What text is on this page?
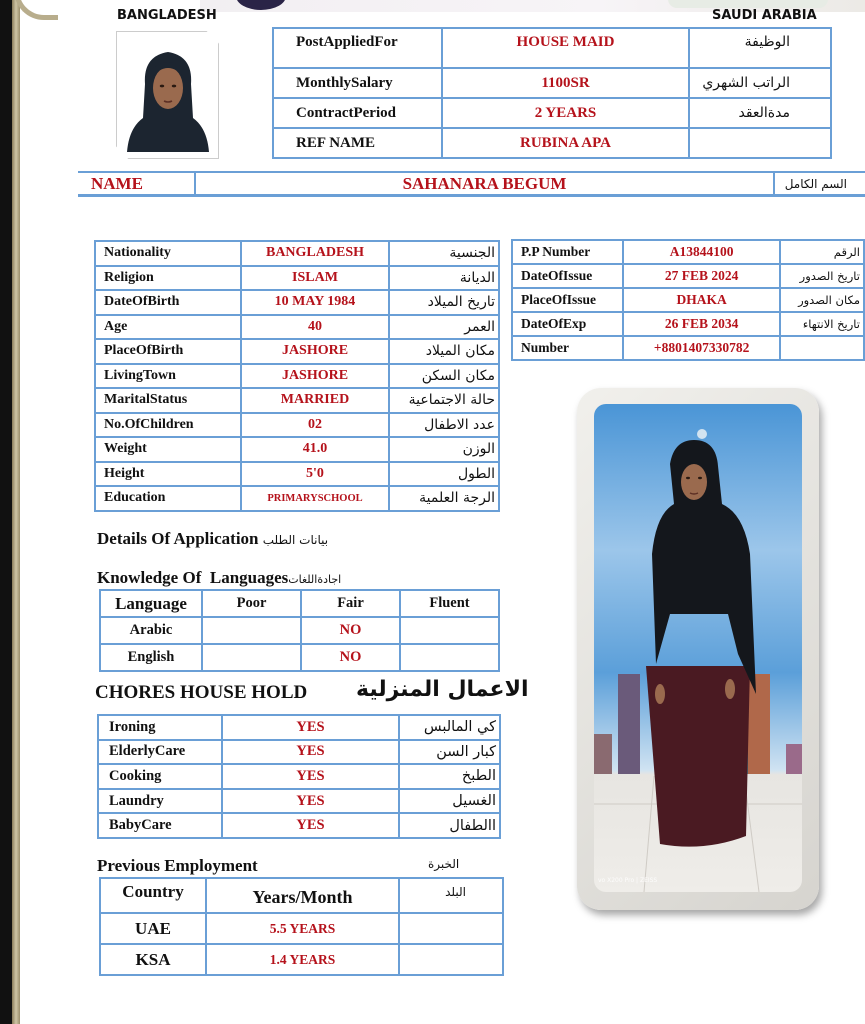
BANGLADESH	SAUDI ARABIA
PostAppliedFor	HOUSE MAID	الوظيفة
MonthlySalary	1100SR	الراتب الشهري
ContractPeriod	2 YEARS	مدةالعقد
REF NAME	RUBINA APA	
NAME	SAHANARA BEGUM	السم الكامل
Nationality	BANGLADESH	الجنسية
Religion	ISLAM	الديانة
DateOfBirth	10 MAY 1984	تاريخ الميلاد
Age	40	العمر
PlaceOfBirth	JASHORE	مكان الميلاد
LivingTown	JASHORE	مكان السكن
MaritalStatus	MARRIED	حالة الاجتماعية
No.OfChildren	02	عدد الاطفال
Weight	41.0	الوزن
Height	5'0	الطول
Education	PRIMARYSCHOOL	الرجة العلمية
P.P Number	A13844100	الرقم
DateOfIssue	27 FEB 2024	تاريخ الصدور
PlaceOfIssue	DHAKA	مكان الصدور
DateOfExp	26 FEB 2034	تاريخ الانتهاء
Number	+8801407330782	
Details Of Application بيانات الطلب
Knowledge Of  Languagesاجادةاللغات
Language	Poor	Fair	Fluent
Arabic		NO	
English		NO	
CHORES HOUSE HOLD الاعمال المنزلية
Ironing	YES	كي المالبس
ElderlyCare	YES	كبار السن
Cooking	YES	الطبخ
Laundry	YES	الغسيل
BabyCare	YES	االطفال
Previous Employment	الخبرة
Country	Years/Month	البلد
UAE	5.5 YEARS	
KSA	1.4 YEARS	
vo X200 Pro | ZEISS
